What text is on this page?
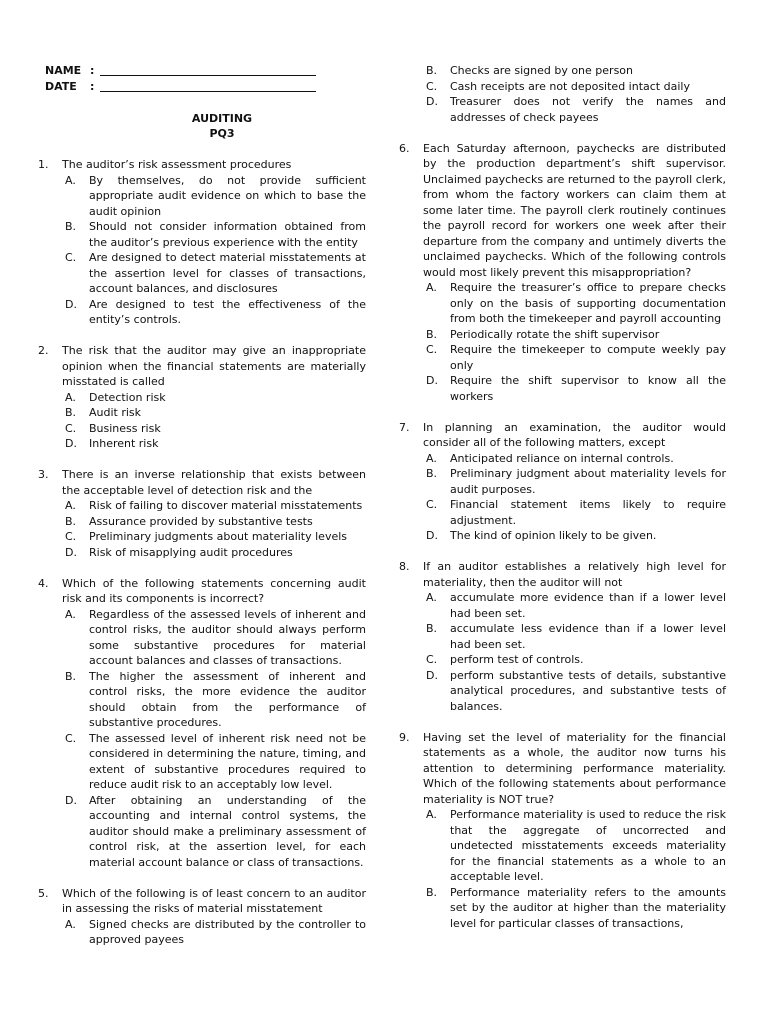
NAME :
DATE :
AUDITING
PQ3
1. The auditor’s risk assessment procedures
A. By themselves, do not provide sufficient appropriate audit evidence on which to base the audit opinion
B. Should not consider information obtained from the auditor’s previous experience with the entity
C. Are designed to detect material misstatements at the assertion level for classes of transactions, account balances, and disclosures
D. Are designed to test the effectiveness of the entity’s controls.
2. The risk that the auditor may give an inappropriate opinion when the financial statements are materially misstated is called
A. Detection risk
B. Audit risk
C. Business risk
D. Inherent risk
3. There is an inverse relationship that exists between the acceptable level of detection risk and the
A. Risk of failing to discover material misstatements
B. Assurance provided by substantive tests
C. Preliminary judgments about materiality levels
D. Risk of misapplying audit procedures
4. Which of the following statements concerning audit risk and its components is incorrect?
A. Regardless of the assessed levels of inherent and control risks, the auditor should always perform some substantive procedures for material account balances and classes of transactions.
B. The higher the assessment of inherent and control risks, the more evidence the auditor should obtain from the performance of substantive procedures.
C. The assessed level of inherent risk need not be considered in determining the nature, timing, and extent of substantive procedures required to reduce audit risk to an acceptably low level.
D. After obtaining an understanding of the accounting and internal control systems, the auditor should make a preliminary assessment of control risk, at the assertion level, for each material account balance or class of transactions.
5. Which of the following is of least concern to an auditor in assessing the risks of material misstatement
A. Signed checks are distributed by the controller to approved payees
B. Checks are signed by one person
C. Cash receipts are not deposited intact daily
D. Treasurer does not verify the names and addresses of check payees
6. Each Saturday afternoon, paychecks are distributed by the production department’s shift supervisor. Unclaimed paychecks are returned to the payroll clerk, from whom the factory workers can claim them at some later time. The payroll clerk routinely continues the payroll record for workers one week after their departure from the company and untimely diverts the unclaimed paychecks. Which of the following controls would most likely prevent this misappropriation?
A. Require the treasurer’s office to prepare checks only on the basis of supporting documentation from both the timekeeper and payroll accounting
B. Periodically rotate the shift supervisor
C. Require the timekeeper to compute weekly pay only
D. Require the shift supervisor to know all the workers
7. In planning an examination, the auditor would consider all of the following matters, except
A. Anticipated reliance on internal controls.
B. Preliminary judgment about materiality levels for audit purposes.
C. Financial statement items likely to require adjustment.
D. The kind of opinion likely to be given.
8. If an auditor establishes a relatively high level for materiality, then the auditor will not
A. accumulate more evidence than if a lower level had been set.
B. accumulate less evidence than if a lower level had been set.
C. perform test of controls.
D. perform substantive tests of details, substantive analytical procedures, and substantive tests of balances.
9. Having set the level of materiality for the financial statements as a whole, the auditor now turns his attention to determining performance materiality. Which of the following statements about performance materiality is NOT true?
A. Performance materiality is used to reduce the risk that the aggregate of uncorrected and undetected misstatements exceeds materiality for the financial statements as a whole to an acceptable level.
B. Performance materiality refers to the amounts set by the auditor at higher than the materiality level for particular classes of transactions,
